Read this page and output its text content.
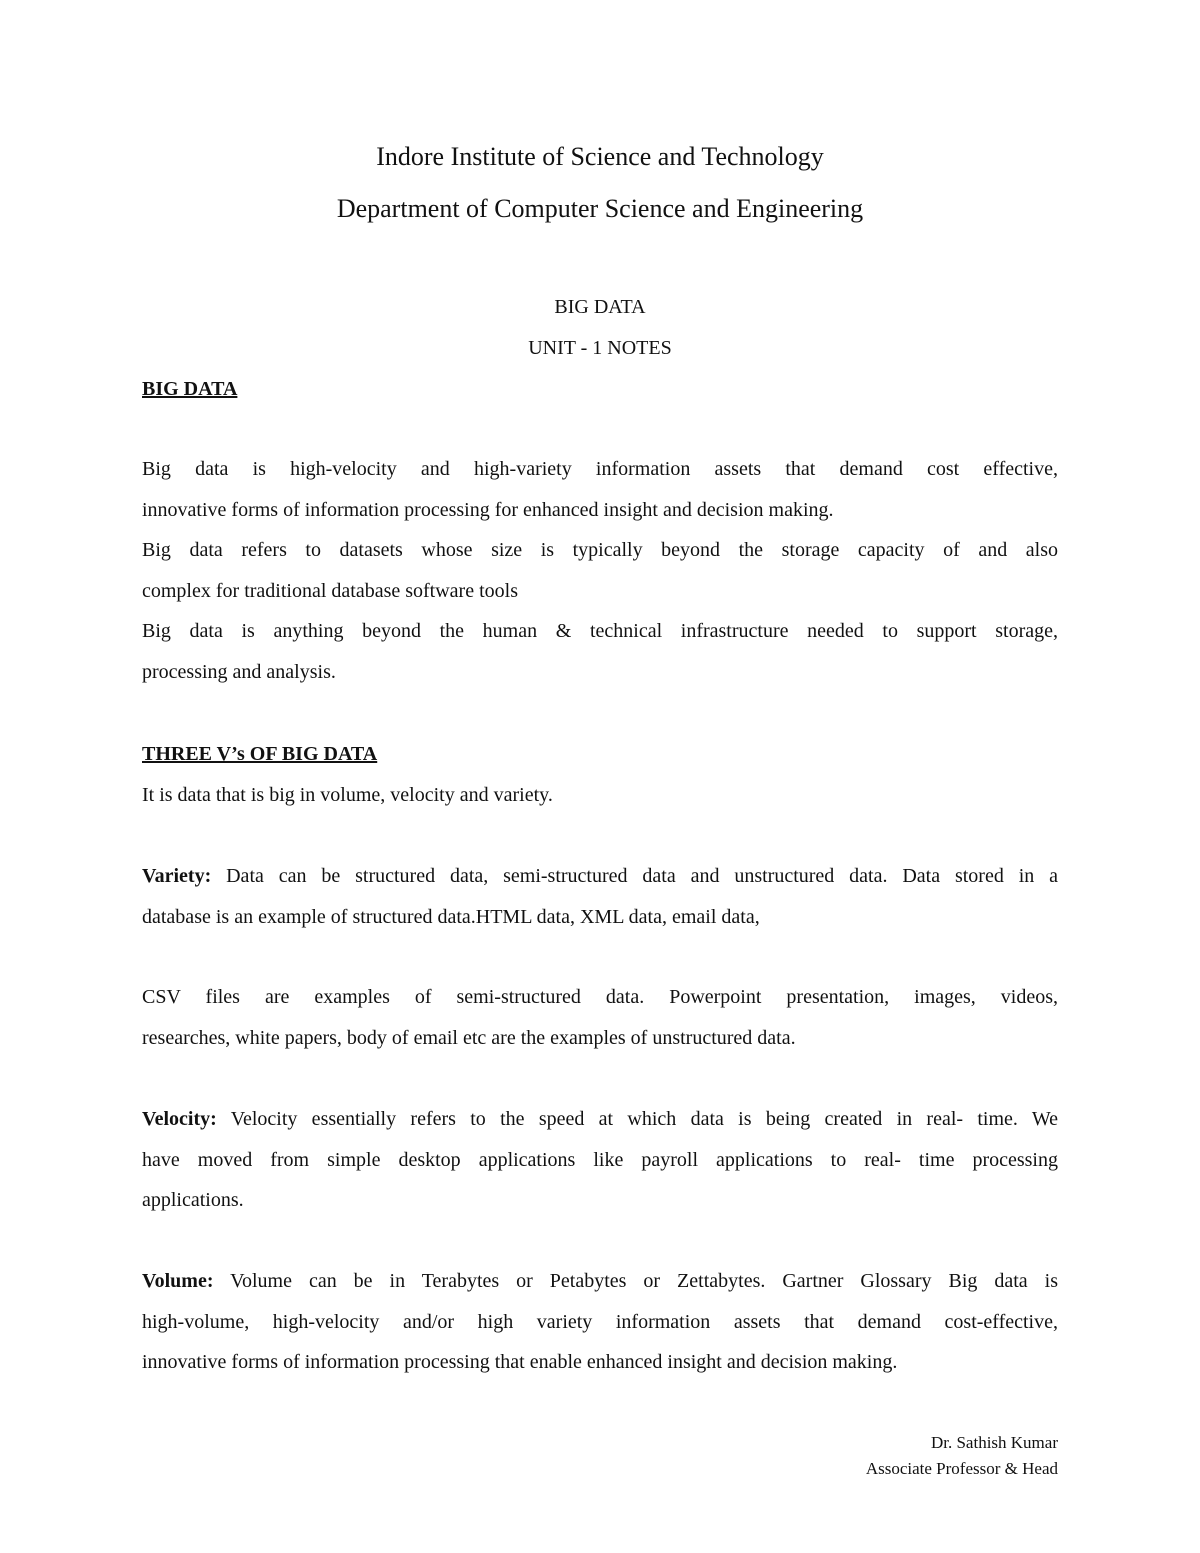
Indore Institute of Science and Technology
Department of Computer Science and Engineering
BIG DATA
UNIT - 1 NOTES
BIG DATA
Big data is high-velocity and high-variety information assets that demand cost effective,
innovative forms of information processing for enhanced insight and decision making.
Big data refers to datasets whose size is typically beyond the storage capacity of and also
complex for traditional database software tools
Big data is anything beyond the human & technical infrastructure needed to support storage,
processing and analysis.
THREE V’s OF BIG DATA
It is data that is big in volume, velocity and variety.
Variety: Data can be structured data, semi-structured data and unstructured data. Data stored in a
database is an example of structured data.HTML data, XML data, email data,
CSV files are examples of semi-structured data. Powerpoint presentation, images, videos,
researches, white papers, body of email etc are the examples of unstructured data.
Velocity: Velocity essentially refers to the speed at which data is being created in real- time. We
have moved from simple desktop applications like payroll applications to real- time processing
applications.
Volume: Volume can be in Terabytes or Petabytes or Zettabytes. Gartner Glossary Big data is
high-volume, high-velocity and/or high variety information assets that demand cost-effective,
innovative forms of information processing that enable enhanced insight and decision making.
Dr. Sathish Kumar
Associate Professor & Head
